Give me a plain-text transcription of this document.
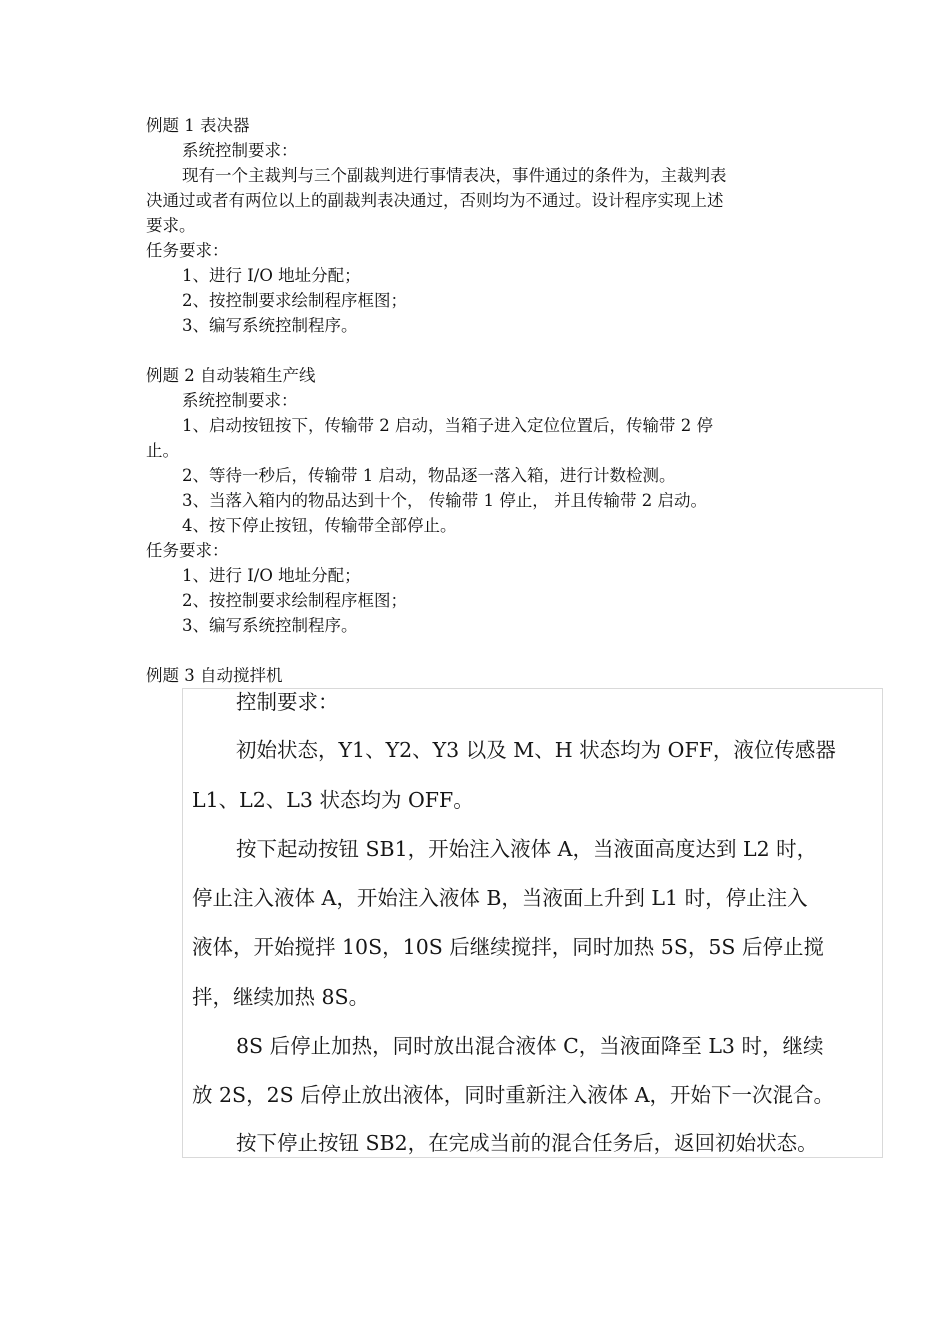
例题 1 表决器
系统控制要求：
现有一个主裁判与三个副裁判进行事情表决，事件通过的条件为，主裁判表
决通过或者有两位以上的副裁判表决通过，否则均为不通过。设计程序实现上述
要求。
任务要求：
1、进行 I/O 地址分配；
2、按控制要求绘制程序框图；
3、编写系统控制程序。
例题 2 自动装箱生产线
系统控制要求：
1、启动按钮按下，传输带 2 启动，当箱子进入定位位置后，传输带 2 停
止。
2、等待一秒后，传输带 1 启动，物品逐一落入箱，进行计数检测。
3、当落入箱内的物品达到十个， 传输带 1 停止， 并且传输带 2 启动。
4、按下停止按钮，传输带全部停止。
任务要求：
1、进行 I/O 地址分配；
2、按控制要求绘制程序框图；
3、编写系统控制程序。
例题 3 自动搅拌机
控制要求：
初始状态，Y1、Y2、Y3 以及 M、H 状态均为 OFF，液位传感器
L1、L2、L3 状态均为 OFF。
按下起动按钮 SB1，开始注入液体 A，当液面高度达到 L2 时，
停止注入液体 A，开始注入液体 B，当液面上升到 L1 时，停止注入
液体，开始搅拌 10S，10S 后继续搅拌，同时加热 5S，5S 后停止搅
拌，继续加热 8S。
8S 后停止加热，同时放出混合液体 C，当液面降至 L3 时，继续
放 2S，2S 后停止放出液体，同时重新注入液体 A，开始下一次混合。
按下停止按钮 SB2，在完成当前的混合任务后，返回初始状态。
